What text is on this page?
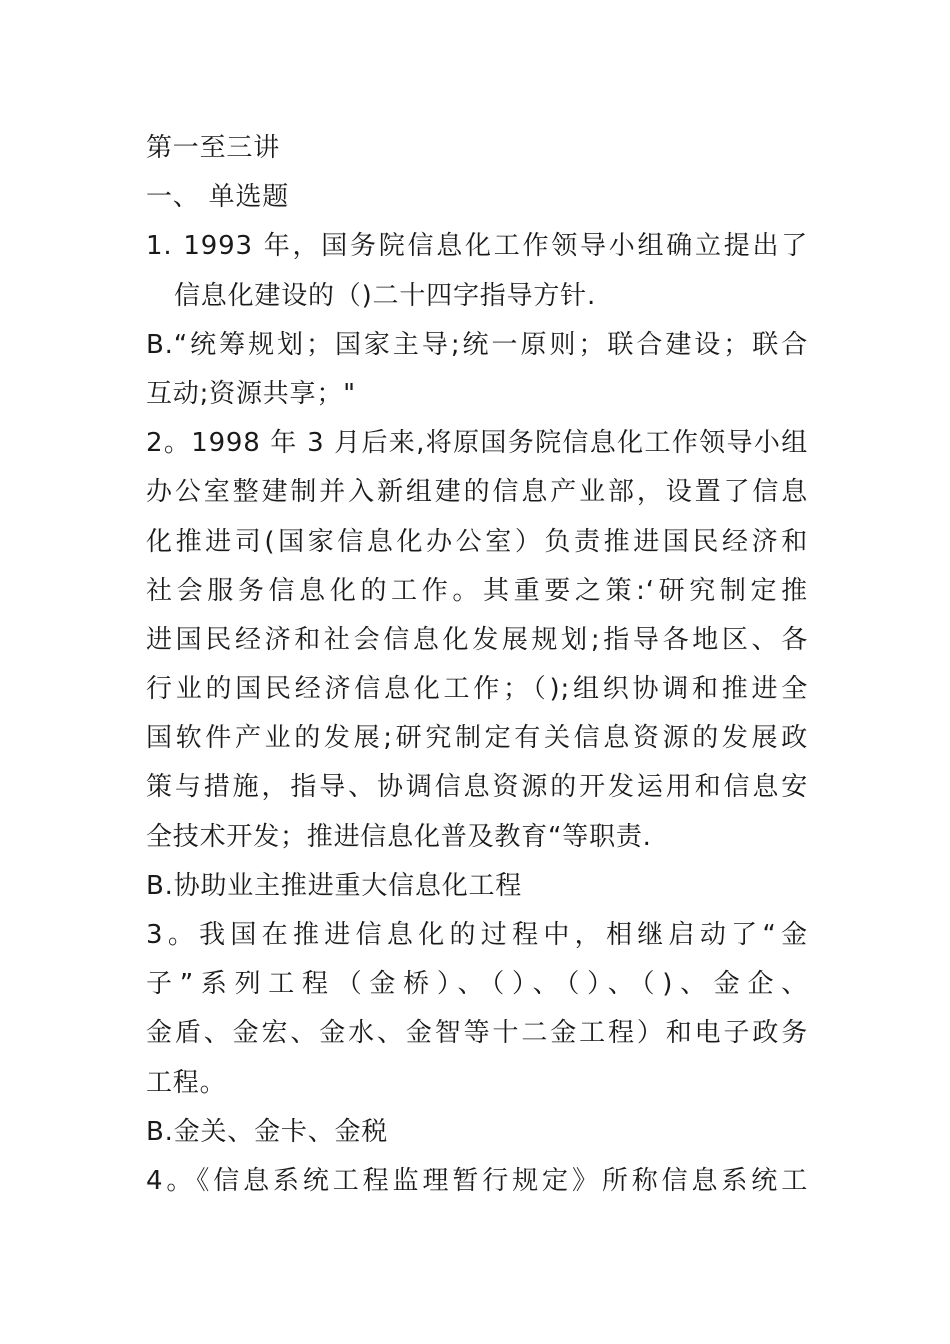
第一至三讲
一、 单选题
1. 1993 年，国务院信息化工作领导小组确立提出了
信息化建设的（)二十四字指导方针.
B.“统筹规划；国家主导;统一原则；联合建设；联合
互动;资源共享；"
2。1998 年 3 月后来,将原国务院信息化工作领导小组
办公室整建制并入新组建的信息产业部，设置了信息
化推进司(国家信息化办公室）负责推进国民经济和
社会服务信息化的工作。其重要之策:‘研究制定推
进国民经济和社会信息化发展规划;指导各地区、各
行业的国民经济信息化工作；（);组织协调和推进全
国软件产业的发展;研究制定有关信息资源的发展政
策与措施，指导、协调信息资源的开发运用和信息安
全技术开发；推进信息化普及教育“等职责.
B.协助业主推进重大信息化工程
3。我国在推进信息化的过程中，相继启动了“金
子”系列工程（金桥）、（）、（）、（)、金企、
金盾、金宏、金水、金智等十二金工程）和电子政务
工程。
B.金关、金卡、金税
4。《信息系统工程监理暂行规定》所称信息系统工
